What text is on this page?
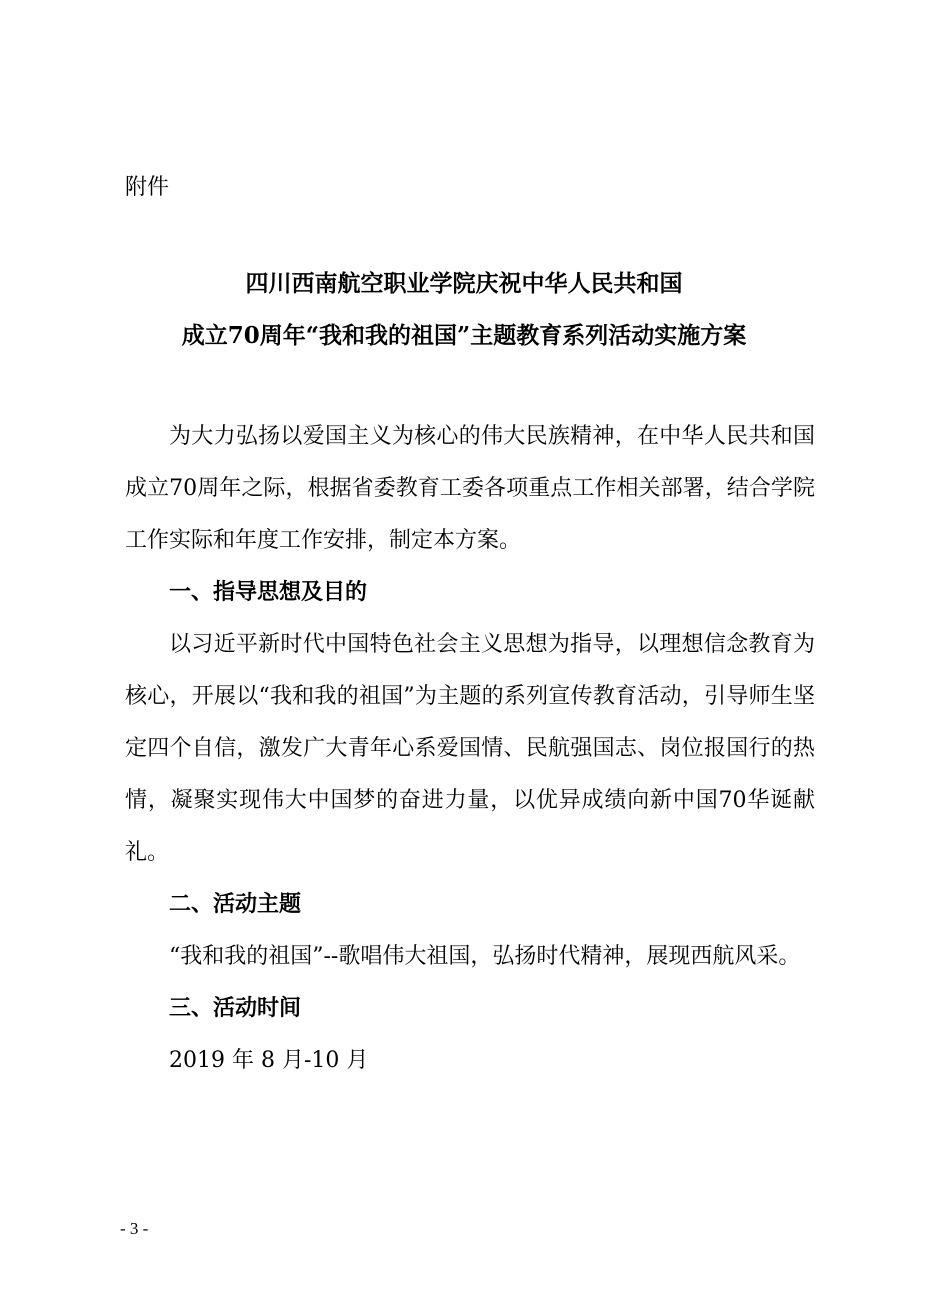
附件

四川西南航空职业学院庆祝中华人民共和国
成立70周年“我和我的祖国”主题教育系列活动实施方案

为大力弘扬以爱国主义为核心的伟大民族精神，在中华人民共和国成立70周年之际，根据省委教育工委各项重点工作相关部署，结合学院工作实际和年度工作安排，制定本方案。

一、指导思想及目的

以习近平新时代中国特色社会主义思想为指导，以理想信念教育为核心，开展以“我和我的祖国”为主题的系列宣传教育活动，引导师生坚定四个自信，激发广大青年心系爱国情、民航强国志、岗位报国行的热情，凝聚实现伟大中国梦的奋进力量，以优异成绩向新中国70华诞献礼。

二、活动主题

“我和我的祖国”--歌唱伟大祖国，弘扬时代精神，展现西航风采。

三、活动时间

2019 年 8 月-10 月

- 3 -
